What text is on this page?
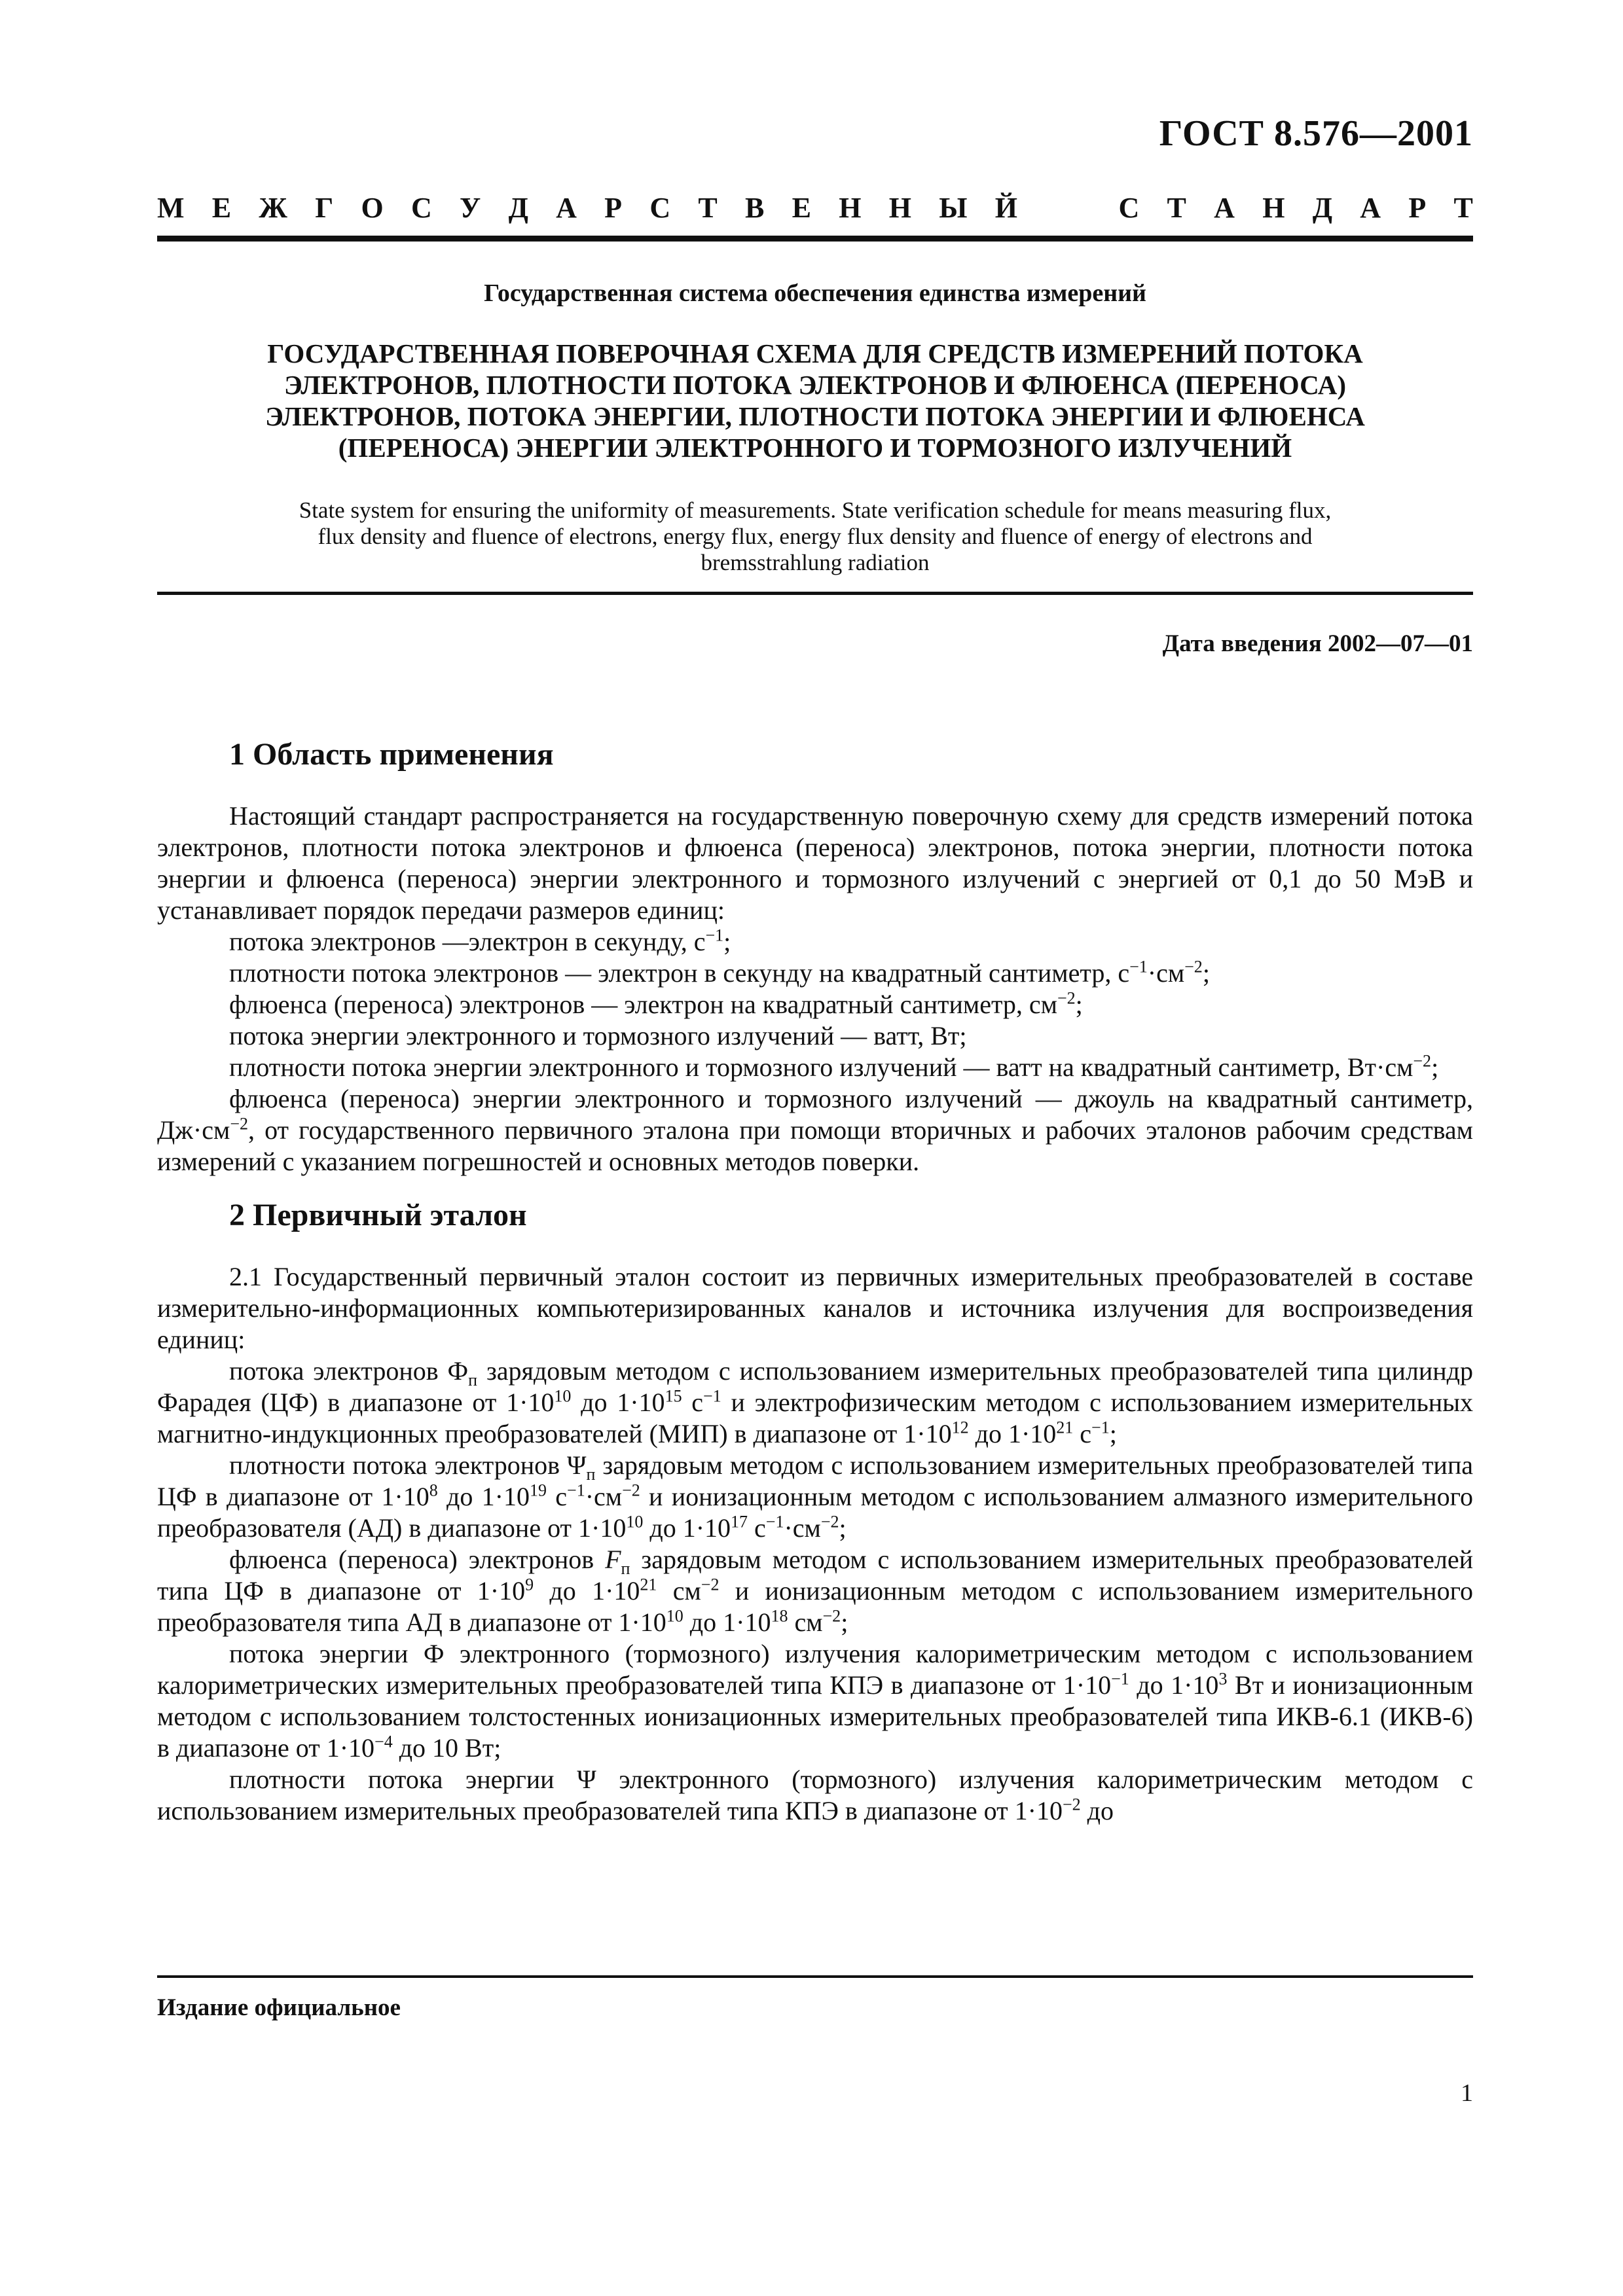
ГОСТ 8.576—2001
М Е Ж Г О С У Д А Р С Т В Е Н Н Ы Й	С Т А Н Д А Р Т
Государственная система обеспечения единства измерений
ГОСУДАРСТВЕННАЯ ПОВЕРОЧНАЯ СХЕМА ДЛЯ СРЕДСТВ ИЗМЕРЕНИЙ ПОТОКА
ЭЛЕКТРОНОВ, ПЛОТНОСТИ ПОТОКА ЭЛЕКТРОНОВ И ФЛЮЕНСА (ПЕРЕНОСА)
ЭЛЕКТРОНОВ, ПОТОКА ЭНЕРГИИ, ПЛОТНОСТИ ПОТОКА ЭНЕРГИИ И ФЛЮЕНСА
(ПЕРЕНОСА) ЭНЕРГИИ ЭЛЕКТРОННОГО И ТОРМОЗНОГО ИЗЛУЧЕНИЙ
State system for ensuring the uniformity of measurements. State verification schedule for means measuring flux,
flux density and fluence of electrons, energy flux, energy flux density and fluence of energy of electrons and
bremsstrahlung radiation
Дата введения 2002—07—01
1 Область применения

Настоящий стандарт распространяется на государственную поверочную схему для средств измерений потока электронов, плотности потока электронов и флюенса (переноса) электронов, потока энергии, плотности потока энергии и флюенса (переноса) энергии электронного и тормозного излучений с энергией от 0,1 до 50 МэВ и устанавливает порядок передачи размеров единиц:

потока электронов —электрон в секунду, $с^{-1}$;

плотности потока электронов — электрон в секунду на квадратный сантиметр, $с^{-1}\cdot см^{-2}$;

флюенса (переноса) электронов — электрон на квадратный сантиметр, $см^{-2}$;

потока энергии электронного и тормозного излучений — ватт, Вт;

плотности потока энергии электронного и тормозного излучений — ватт на квадратный сантиметр, $Вт\cdot см^{-2}$;

флюенса (переноса) энергии электронного и тормозного излучений — джоуль на квадратный сантиметр, $Дж\cdot см^{-2}$, от государственного первичного эталона при помощи вторичных и рабочих эталонов рабочим средствам измерений с указанием погрешностей и основных методов поверки.

2 Первичный эталон

2.1 Государственный первичный эталон состоит из первичных измерительных преобразователей в составе измерительно-информационных компьютеризированных каналов и источника излучения для воспроизведения единиц:

потока электронов $Ф_п$ зарядовым методом с использованием измерительных преобразователей типа цилиндр Фарадея (ЦФ) в диапазоне от $1\cdot 10^{10}$ до $1\cdot 10^{15}$ $с^{-1}$ и электрофизическим методом с использованием измерительных магнитно-индукционных преобразователей (МИП) в диапазоне от $1\cdot 10^{12}$ до $1\cdot 10^{21}$ $с^{-1}$;

плотности потока электронов $\Psi_п$ зарядовым методом с использованием измерительных преобразователей типа ЦФ в диапазоне от $1\cdot 10^8$ до $1\cdot 10^{19}$ $с^{-1}\cdot см^{-2}$ и ионизационным методом с использованием алмазного измерительного преобразователя (АД) в диапазоне от $1\cdot 10^{10}$ до $1\cdot 10^{17}$ $с^{-1}\cdot см^{-2}$;

флюенса (переноса) электронов $F_п$ зарядовым методом с использованием измерительных преобразователей типа ЦФ в диапазоне от $1\cdot 10^9$ до $1\cdot 10^{21}$ $см^{-2}$ и ионизационным методом с использованием измерительного преобразователя типа АД в диапазоне от $1\cdot 10^{10}$ до $1\cdot 10^{18}$ $см^{-2}$;

потока энергии Ф электронного (тормозного) излучения калориметрическим методом с использованием калориметрических измерительных преобразователей типа КПЭ в диапазоне от $1\cdot 10^{-1}$ до $1\cdot 10^3$ Вт и ионизационным методом с использованием толстостенных ионизационных измерительных преобразователей типа ИКВ-6.1 (ИКВ-6) в диапазоне от $1\cdot 10^{-4}$ до 10 Вт;

плотности потока энергии Ψ электронного (тормозного) излучения калориметрическим методом с использованием измерительных преобразователей типа КПЭ в диапазоне от $1\cdot 10^{-2}$ до

Издание официальное
1
